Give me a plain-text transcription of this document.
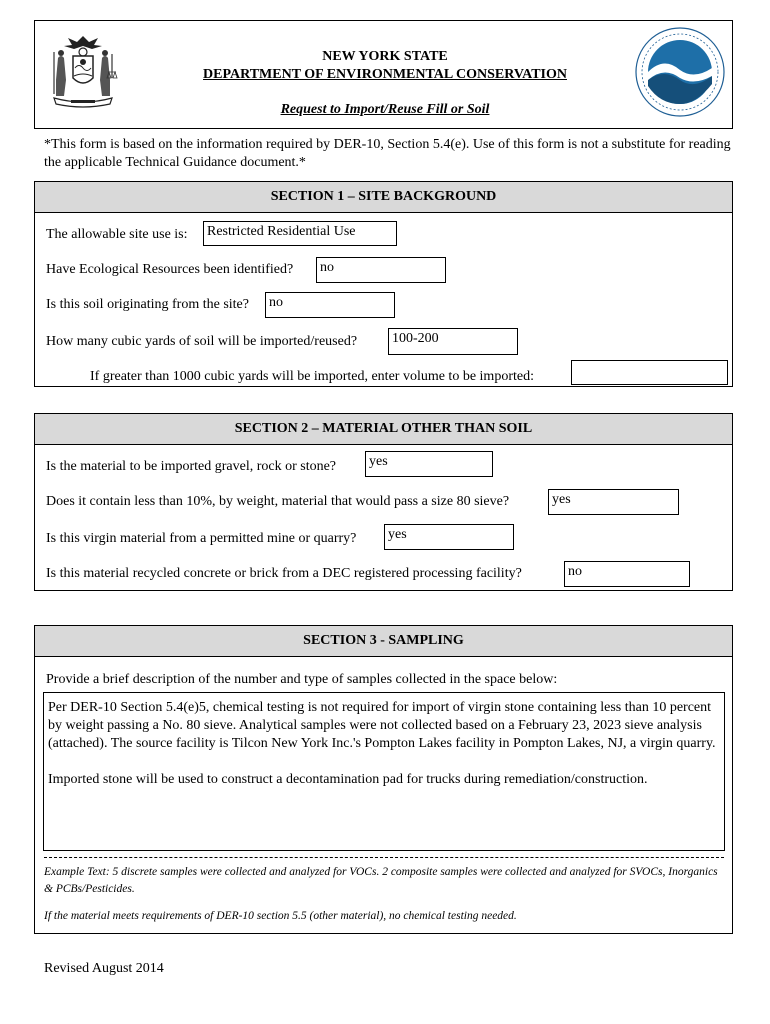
NEW YORK STATE
DEPARTMENT OF ENVIRONMENTAL CONSERVATION
Request to Import/Reuse Fill or Soil
*This form is based on the information required by DER-10, Section 5.4(e). Use of this form is not a substitute for reading the applicable Technical Guidance document.*
SECTION 1 – SITE BACKGROUND
The allowable site use is: Restricted Residential Use
Have Ecological Resources been identified? no
Is this soil originating from the site? no
How many cubic yards of soil will be imported/reused? 100-200
If greater than 1000 cubic yards will be imported, enter volume to be imported:
SECTION 2 – MATERIAL OTHER THAN SOIL
Is the material to be imported gravel, rock or stone? yes
Does it contain less than 10%, by weight, material that would pass a size 80 sieve?	yes
Is this virgin material from a permitted mine or quarry? yes
Is this material recycled concrete or brick from a DEC registered processing facility?	no
SECTION 3 - SAMPLING
Provide a brief description of the number and type of samples collected in the space below:
Per DER-10 Section 5.4(e)5, chemical testing is not required for import of virgin stone containing less than 10 percent by weight passing a No. 80 sieve. Analytical samples were not collected based on a February 23, 2023 sieve analysis (attached). The source facility is Tilcon New York Inc.'s Pompton Lakes facility in Pompton Lakes, NJ, a virgin quarry.
Imported stone will be used to construct a decontamination pad for trucks during remediation/construction.
Example Text: 5 discrete samples were collected and analyzed for VOCs. 2 composite samples were collected and analyzed for SVOCs, Inorganics & PCBs/Pesticides.
If the material meets requirements of DER-10 section 5.5 (other material), no chemical testing needed.
Revised August 2014
